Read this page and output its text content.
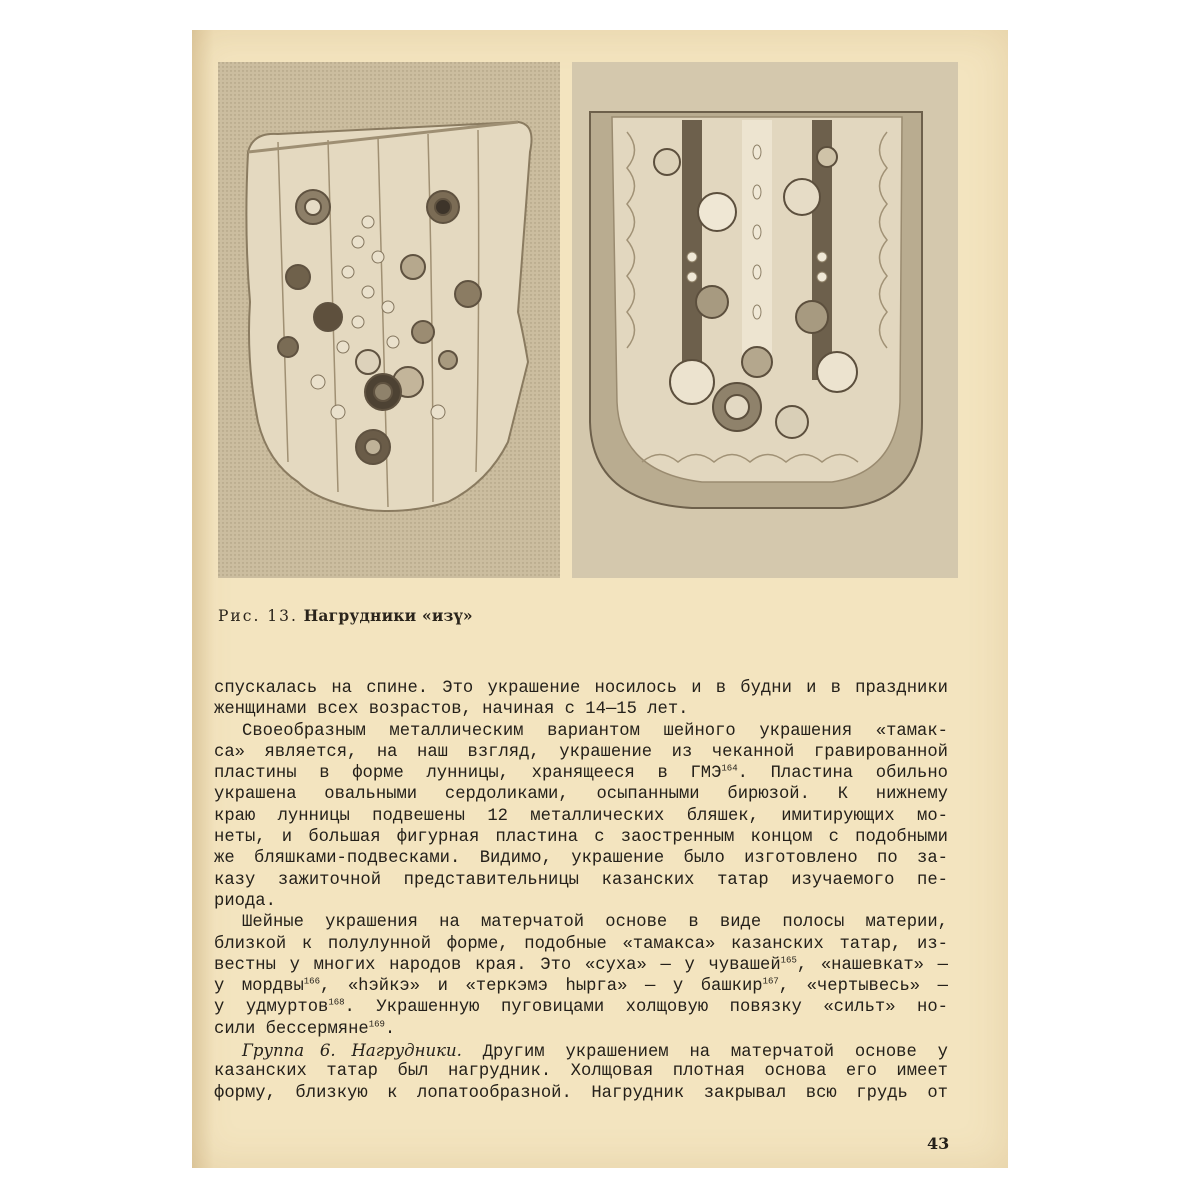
Рис. 13. Нагрудники «изү»
спускалась на спине. Это украшение носилось и в будни и в праздники
женщинами всех возрастов, начиная с 14—15 лет.
Своеобразным металлическим вариантом шейного украшения «тамак-
са» является, на наш взгляд, украшение из чеканной гравированной
пластины в форме лунницы, хранящееся в ГМЭ$^{164}$. Пластина обильно
украшена овальными сердоликами, осыпанными бирюзой. К нижнему
краю лунницы подвешены 12 металлических бляшек, имитирующих мо-
неты, и большая фигурная пластина с заостренным концом с подобными
же бляшками-подвесками. Видимо, украшение было изготовлено по за-
казу зажиточной представительницы казанских татар изучаемого пе-
риода.
Шейные украшения на матерчатой основе в виде полосы материи,
близкой к полулунной форме, подобные «тамакса» казанских татар, из-
вестны у многих народов края. Это «суха» — у чувашей$^{165}$, «нашевкат» —
у мордвы$^{166}$, «һэйкэ» и «теркэмэ һырга» — у башкир$^{167}$, «чертывесь» —
у удмуртов$^{168}$. Украшенную пуговицами холщовую повязку «сильт» но-
сили бессермяне$^{169}$.
Группа 6. Нагрудники. Другим украшением на матерчатой основе у
казанских татар был нагрудник. Холщовая плотная основа его имеет
форму, близкую к лопатообразной. Нагрудник закрывал всю грудь от
43
